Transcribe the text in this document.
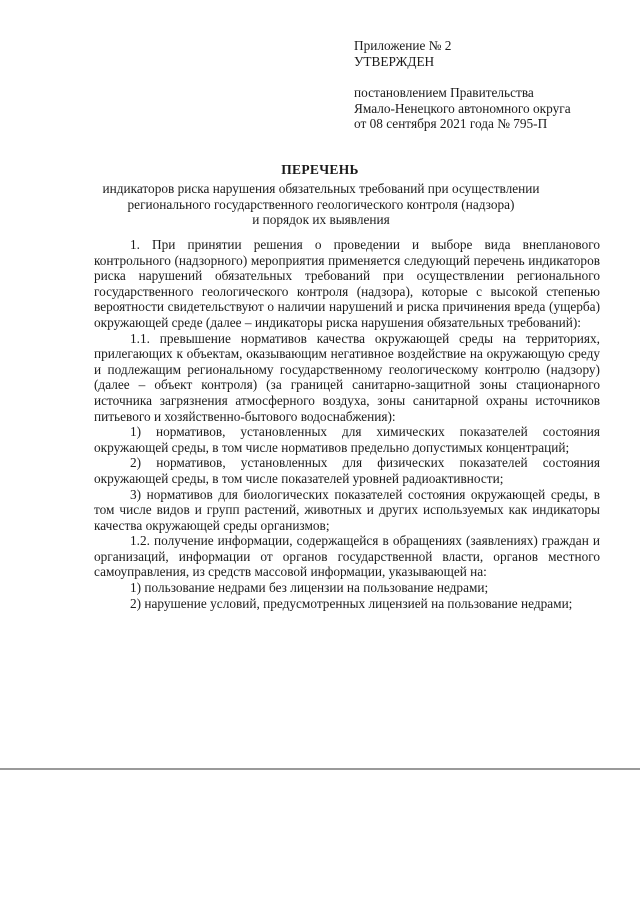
Приложение № 2
УТВЕРЖДЕН
постановлением Правительства
Ямало-Ненецкого автономного округа
от 08 сентября 2021 года № 795-П
ПЕРЕЧЕНЬ
индикаторов риска нарушения обязательных требований при осуществлении
регионального государственного геологического контроля (надзора)
и порядок их выявления

1. При принятии решения о проведении и выборе вида внепланового контрольного (надзорного) мероприятия применяется следующий перечень индикаторов риска нарушений обязательных требований при осуществлении регионального государственного геологического контроля (надзора), которые с высокой степенью вероятности свидетельствуют о наличии нарушений и риска причинения вреда (ущерба) окружающей среде (далее – индикаторы риска нарушения обязательных требований):

1.1. превышение нормативов качества окружающей среды на территориях, прилегающих к объектам, оказывающим негативное воздействие на окружающую среду и подлежащим региональному государственному геологическому контролю (надзору) (далее – объект контроля) (за границей санитарно-защитной зоны стационарного источника загрязнения атмосферного воздуха, зоны санитарной охраны источников питьевого и хозяйственно-бытового водоснабжения):

1) нормативов, установленных для химических показателей состояния окружающей среды, в том числе нормативов предельно допустимых концентраций;

2) нормативов, установленных для физических показателей состояния окружающей среды, в том числе показателей уровней радиоактивности;

3) нормативов для биологических показателей состояния окружающей среды, в том числе видов и групп растений, животных и других используемых как индикаторы качества окружающей среды организмов;

1.2. получение информации, содержащейся в обращениях (заявлениях) граждан и организаций, информации от органов государственной власти, органов местного самоуправления, из средств массовой информации, указывающей на:

1) пользование недрами без лицензии на пользование недрами;

2) нарушение условий, предусмотренных лицензией на пользование недрами;
